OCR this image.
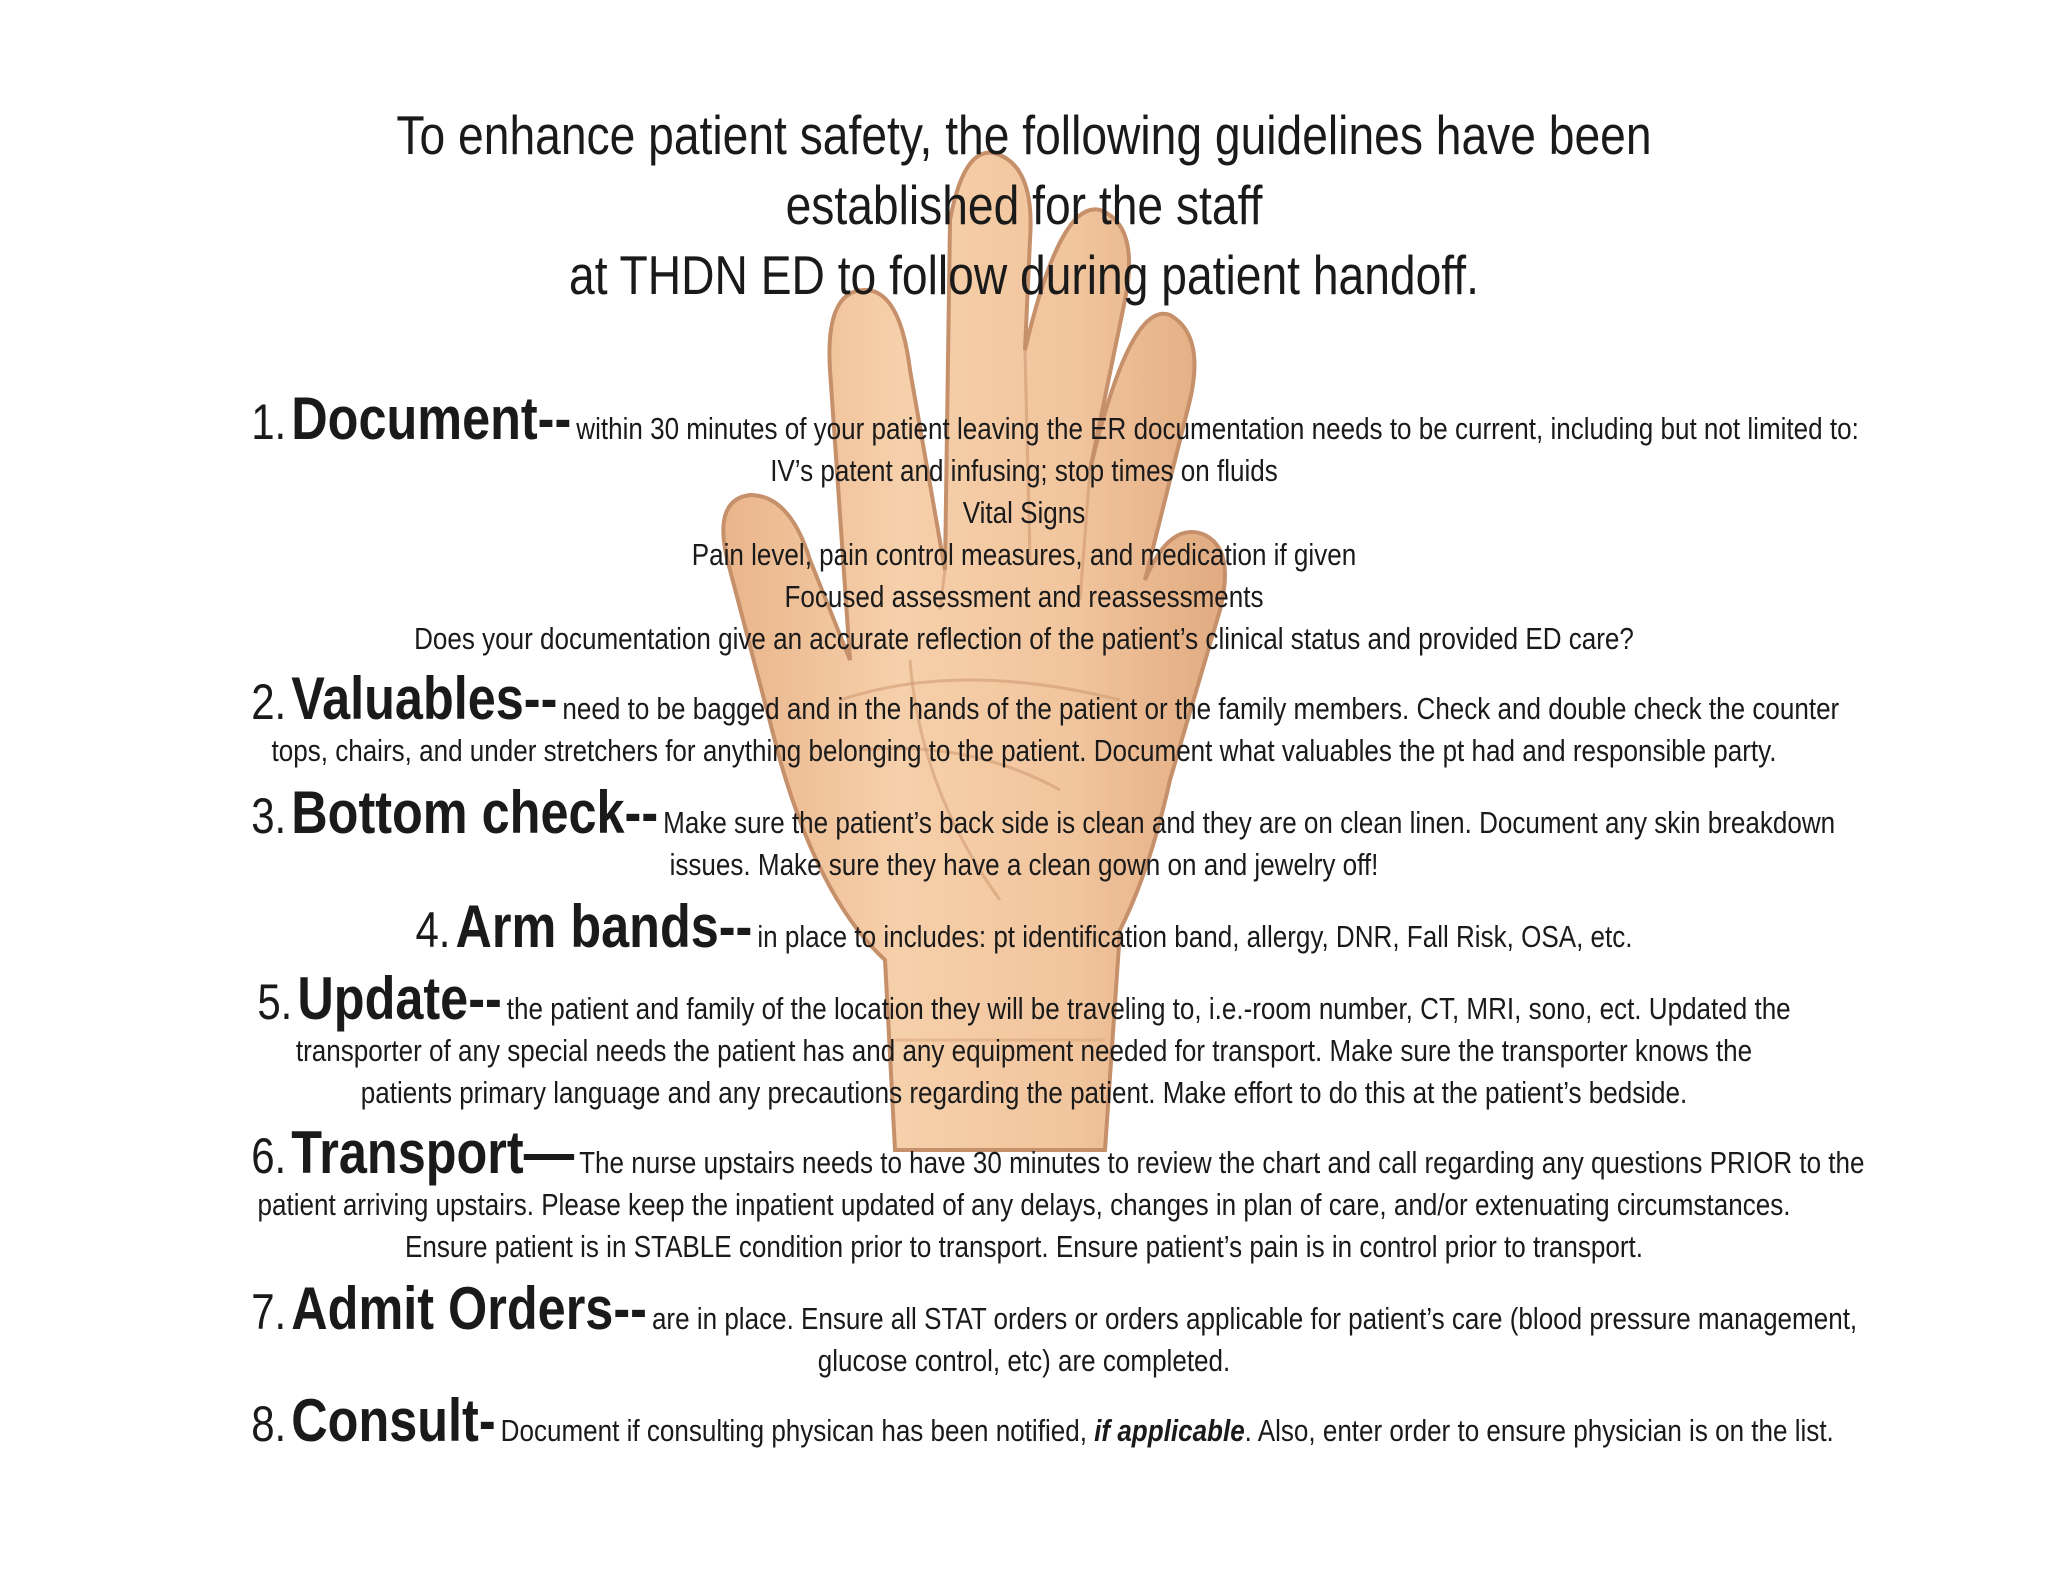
To enhance patient safety, the following guidelines have been
established for the staff
at THDN ED to follow during patient handoff.
1.Document-- within 30 minutes of your patient leaving the ER documentation needs to be current, including but not limited to:
IV’s patent and infusing; stop times on fluids
Vital Signs
Pain level, pain control measures, and medication if given
Focused assessment and reassessments
Does your documentation give an accurate reflection of the patient’s clinical status and provided ED care?
2.Valuables-- need to be bagged and in the hands of the patient or the family members. Check and double check the counter
tops, chairs, and under stretchers for anything belonging to the patient. Document what valuables the pt had and responsible party.
3.Bottom check-- Make sure the patient’s back side is clean and they are on clean linen. Document any skin breakdown
issues. Make sure they have a clean gown on and jewelry off!
4.Arm bands-- in place to includes: pt identification band, allergy, DNR, Fall Risk, OSA, etc.
5.Update-- the patient and family of the location they will be traveling to, i.e.-room number, CT, MRI, sono, ect. Updated the
transporter of any special needs the patient has and any equipment needed for transport. Make sure the transporter knows the
patients primary language and any precautions regarding the patient. Make effort to do this at the patient’s bedside.
6.Transport— The nurse upstairs needs to have 30 minutes to review the chart and call regarding any questions PRIOR to the
patient arriving upstairs. Please keep the inpatient updated of any delays, changes in plan of care, and/or extenuating circumstances.
Ensure patient is in STABLE condition prior to transport. Ensure patient’s pain is in control prior to transport.
7.Admit Orders-- are in place. Ensure all STAT orders or orders applicable for patient’s care (blood pressure management,
glucose control, etc) are completed.
8.Consult- Document if consulting physican has been notified, if applicable. Also, enter order to ensure physician is on the list.
